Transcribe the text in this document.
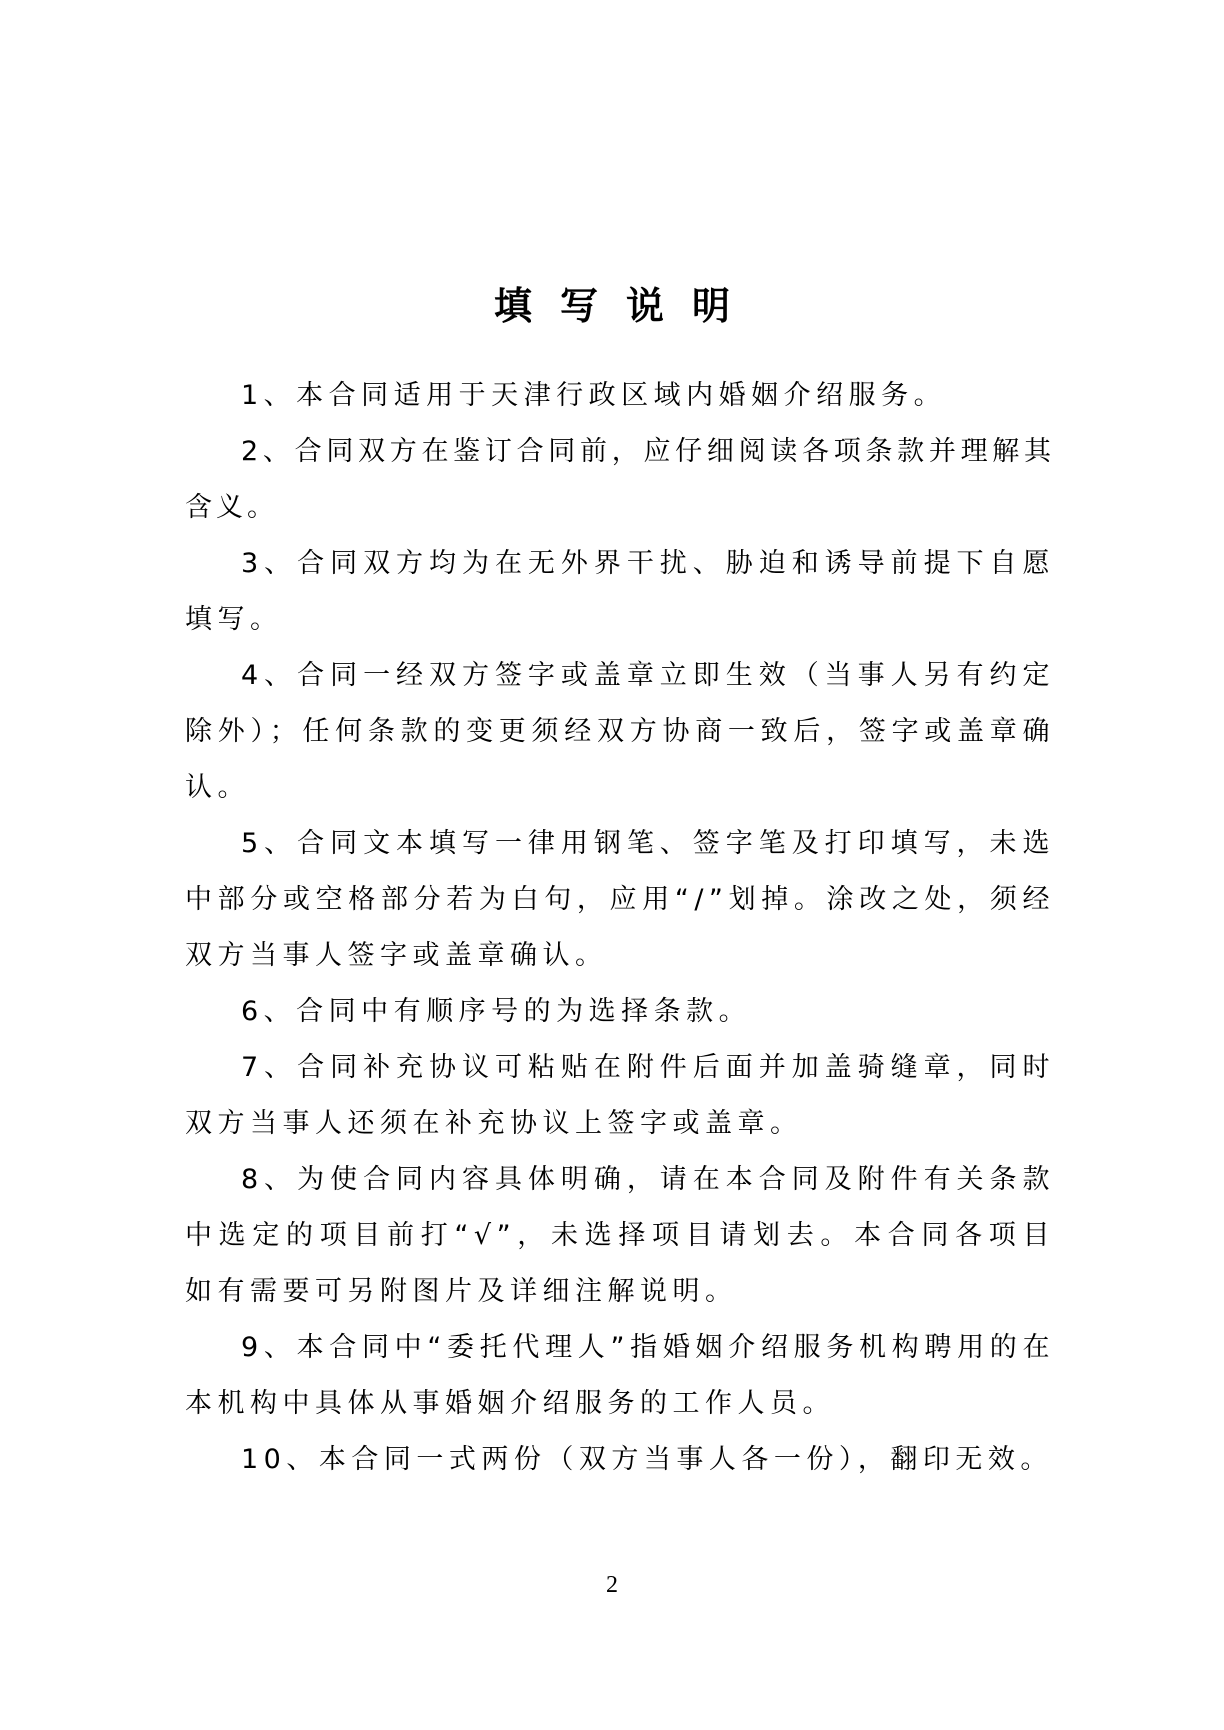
填写说明

1、本合同适用于天津行政区域内婚姻介绍服务。

2、合同双方在鉴订合同前，应仔细阅读各项条款并理解其含义。

3、合同双方均为在无外界干扰、胁迫和诱导前提下自愿填写。

4、合同一经双方签字或盖章立即生效（当事人另有约定除外）；任何条款的变更须经双方协商一致后，签字或盖章确认。

5、合同文本填写一律用钢笔、签字笔及打印填写，未选中部分或空格部分若为白句，应用“/”划掉。涂改之处，须经双方当事人签字或盖章确认。

6、合同中有顺序号的为选择条款。

7、合同补充协议可粘贴在附件后面并加盖骑缝章，同时双方当事人还须在补充协议上签字或盖章。

8、为使合同内容具体明确，请在本合同及附件有关条款中选定的项目前打“√”，未选择项目请划去。本合同各项目如有需要可另附图片及详细注解说明。

9、本合同中“委托代理人”指婚姻介绍服务机构聘用的在本机构中具体从事婚姻介绍服务的工作人员。

10、本合同一式两份（双方当事人各一份），翻印无效。

2
